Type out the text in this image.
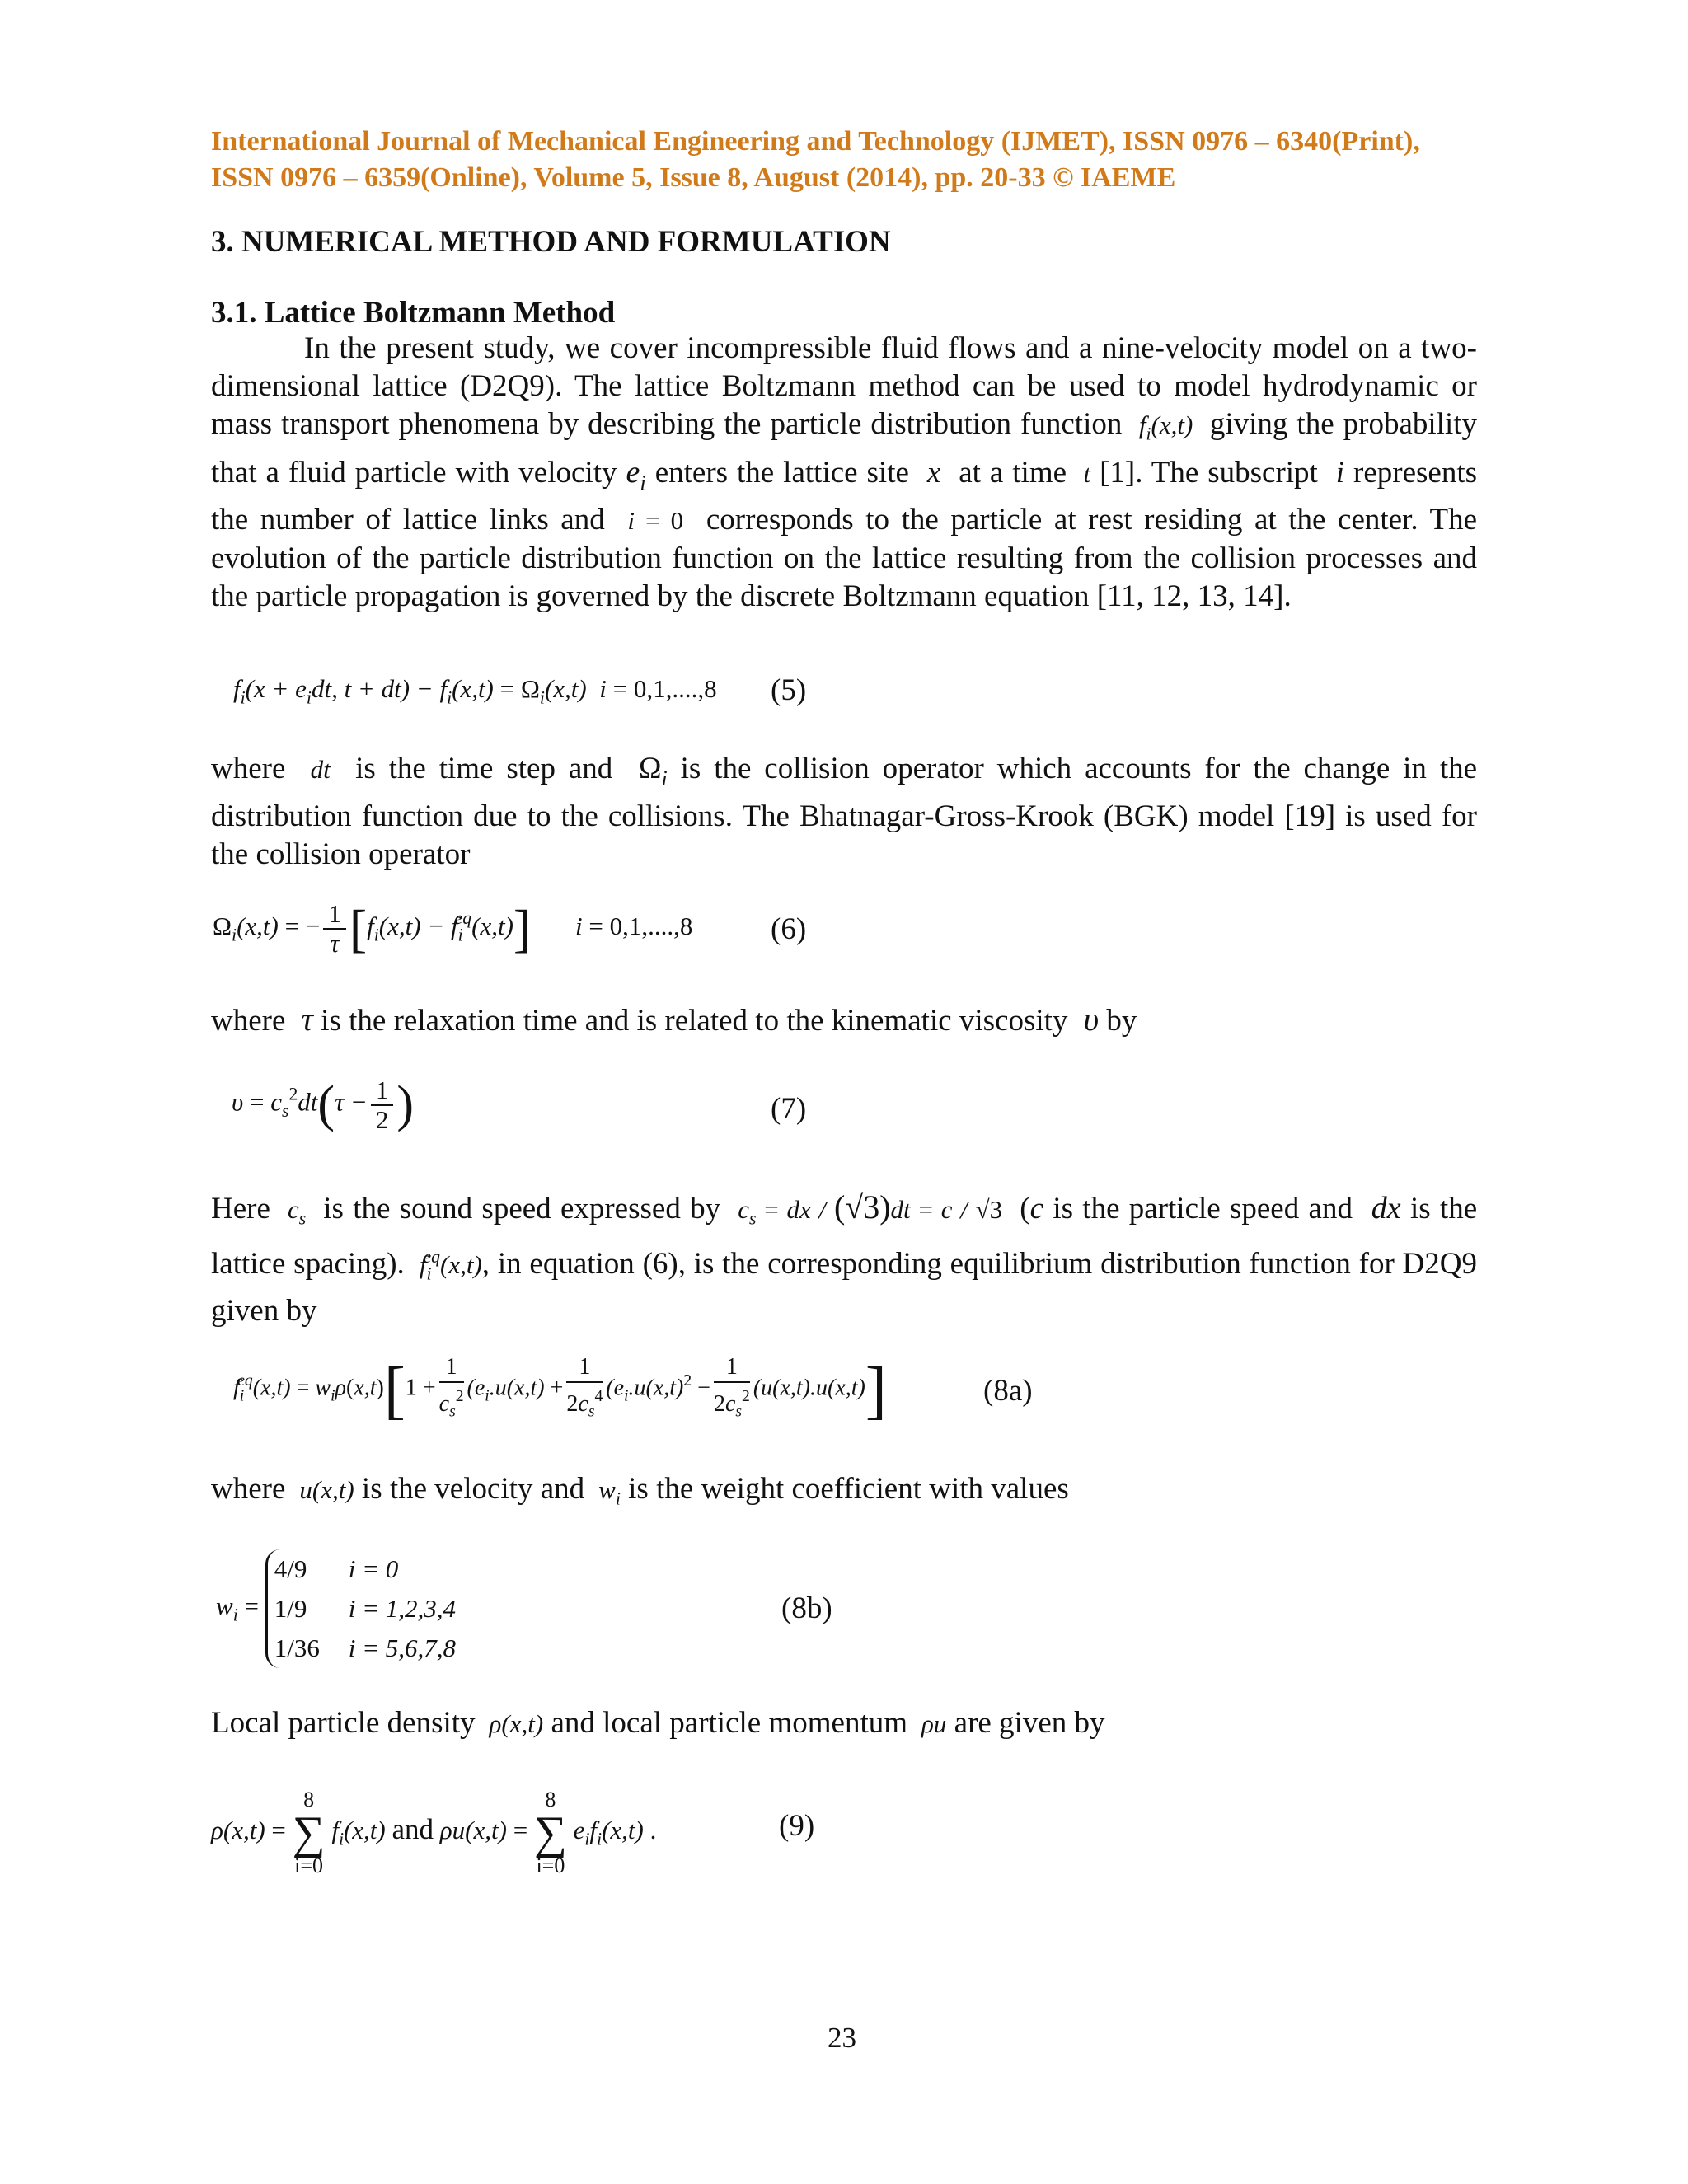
International Journal of Mechanical Engineering and Technology (IJMET), ISSN 0976 – 6340(Print),
ISSN 0976 – 6359(Online), Volume 5, Issue 8, August (2014), pp. 20-33 © IAEME
3. NUMERICAL METHOD AND FORMULATION
3.1. Lattice Boltzmann Method

In the present study, we cover incompressible fluid flows and a nine-velocity model on a two-dimensional lattice (D2Q9). The lattice Boltzmann method can be used to model hydrodynamic or mass transport phenomena by describing the particle distribution function  $f_i(x,t)$  giving the probability that a fluid particle with velocity $e_i$ enters the lattice site  x  at a time  t [1]. The subscript  i represents the number of lattice links and  i = 0 corresponds to the particle at rest residing at the center. The evolution of the particle distribution function on the lattice resulting from the collision processes and the particle propagation is governed by the discrete Boltzmann equation [11, 12, 13, 14].

$f_i(x + e_idt$, $t + dt) - f_i(x,t) = \Omega_i(x,t) i = 0,1,....,8$ (5)

where  dt  is the time step and  $\Omega_i$ is the collision operator which accounts for the change in the distribution function due to the collisions. The Bhatnagar-Gross-Krook (BGK) model [19] is used for the collision operator

$\Omega_i(x,t)$ = − $\frac{1}{\tau} [f_i(x,t) - f_i^{eq}(x,t)] i = 0,1,....,8$	(6)

where  τ is the relaxation time and is related to the kinematic viscosity  υ by

$\upsilon = c_s^2dt(\tau - \frac{1}{2}$ )	(7)

Here  $c_s$ is the sound speed expressed by  $c_s$ = dx / (√3)dt = c / √3 (c is the particle speed and  dx is the lattice spacing).  $f_i^{eq}(x,t)$, in equation (6), is the corresponding equilibrium distribution function for D2Q9 given by

$f_i^{eq}(x,t) = w_i\rho(x,t)[1 + \frac{1}{c_s^2} (e_i.u(x,t) + \frac{1}{2c_s^4} (e_i.u(x,t)^2 - \frac{1}{2c_s^2} (u(x,t).u(x,t)]$	(8a)

where  u(x,t) is the velocity and  $w_i$ is the weight coefficient with values

$w_i$ =
4/9 i = 0
1/9 i = 1,2,3,4
1/36 i = 5,6,7,8
(8b)

Local particle density  ρ(x,t) and local particle momentum  ρu are given by

ρ(x,t) =
8
∑
i=0
$f_i(x,t)$ and ρu(x,t) =
8
∑
i=0
$e_if_i(x,t)$ .	(9)
23
